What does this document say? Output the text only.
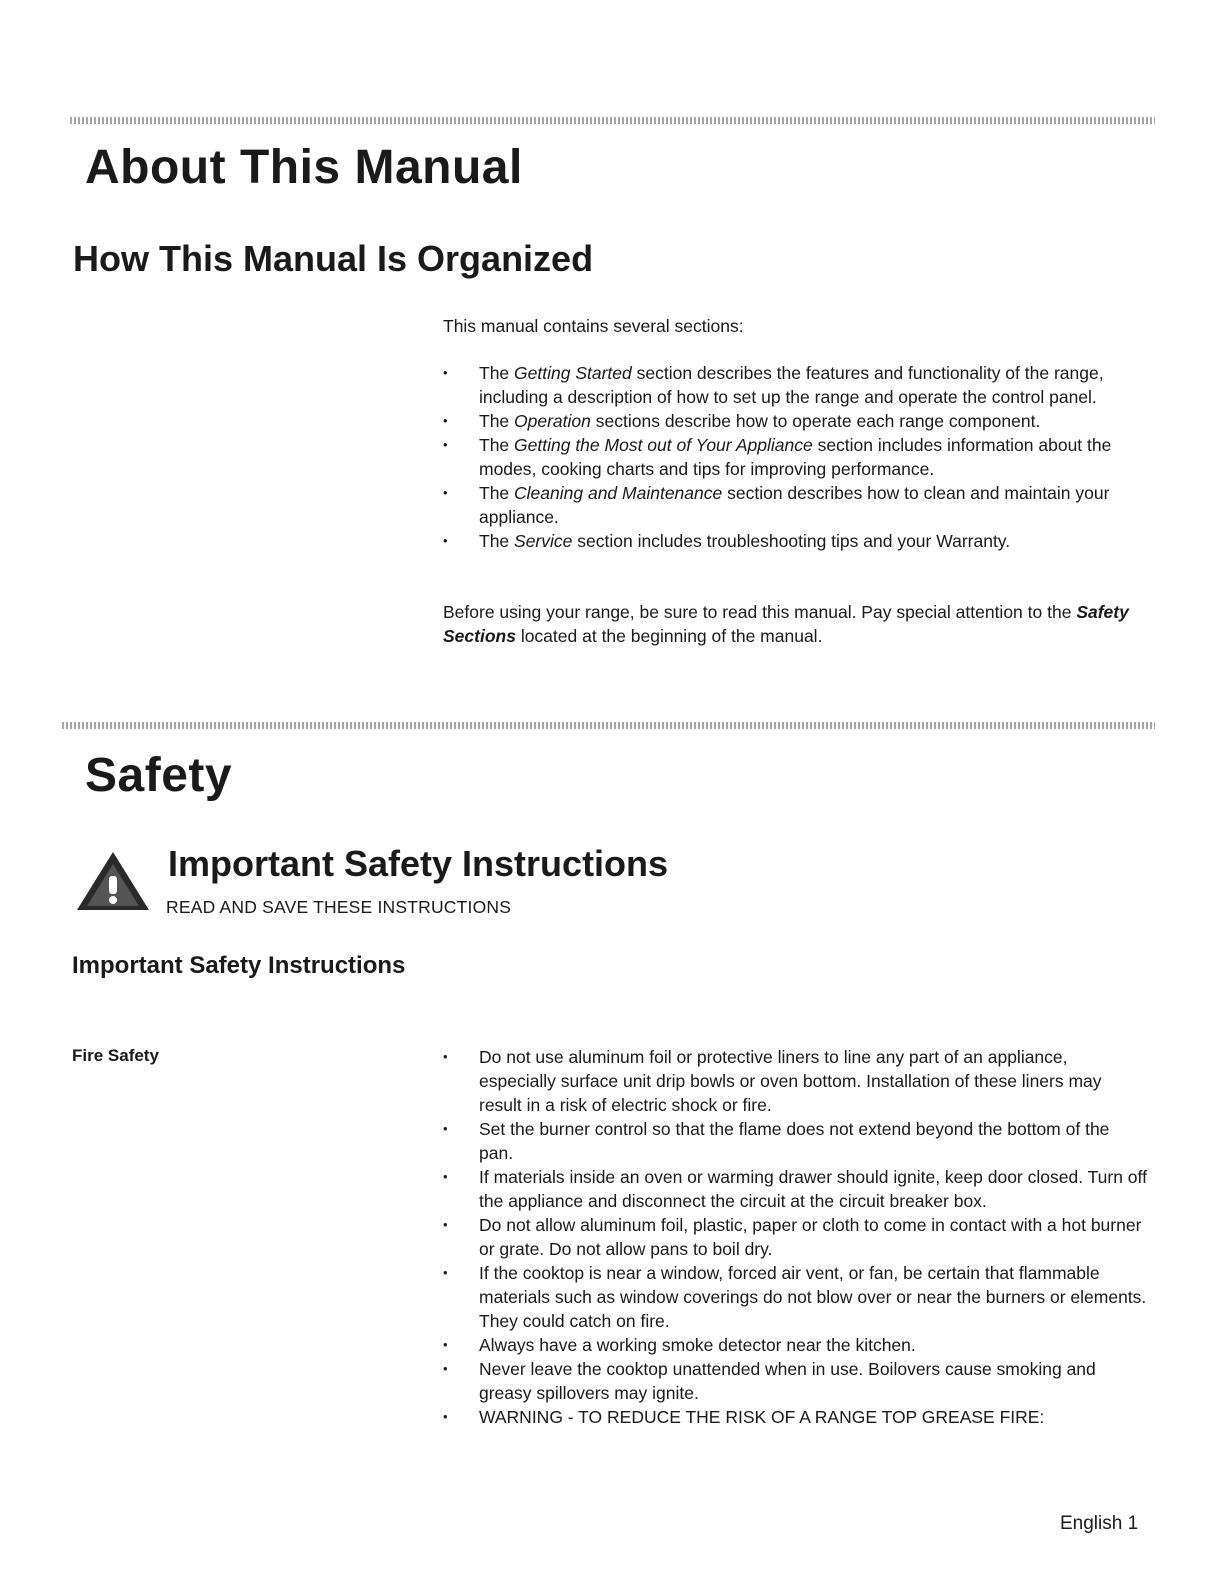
About This Manual
How This Manual Is Organized

This manual contains several sections:

• The Getting Started section describes the features and functionality of the range, including a description of how to set up the range and operate the control panel.
• The Operation sections describe how to operate each range component.
• The Getting the Most out of Your Appliance section includes information about the modes, cooking charts and tips for improving performance.
• The Cleaning and Maintenance section describes how to clean and maintain your appliance.
• The Service section includes troubleshooting tips and your Warranty.

Before using your range, be sure to read this manual. Pay special attention to the Safety Sections located at the beginning of the manual.

Safety
Important Safety Instructions

READ AND SAVE THESE INSTRUCTIONS

Important Safety Instructions

Fire Safety

•	Do not use aluminum foil or protective liners to line any part of an appliance, especially surface unit drip bowls or oven bottom. Installation of these liners may result in a risk of electric shock or fire.
• Set the burner control so that the flame does not extend beyond the bottom of the pan.
• If materials inside an oven or warming drawer should ignite, keep door closed. Turn off the appliance and disconnect the circuit at the circuit breaker box.
• Do not allow aluminum foil, plastic, paper or cloth to come in contact with a hot burner or grate. Do not allow pans to boil dry.
• If the cooktop is near a window, forced air vent, or fan, be certain that flammable materials such as window coverings do not blow over or near the burners or elements. They could catch on fire.
• Always have a working smoke detector near the kitchen.
• Never leave the cooktop unattended when in use. Boilovers cause smoking and greasy spillovers may ignite.
• WARNING - TO REDUCE THE RISK OF A RANGE TOP GREASE FIRE:

English 1
